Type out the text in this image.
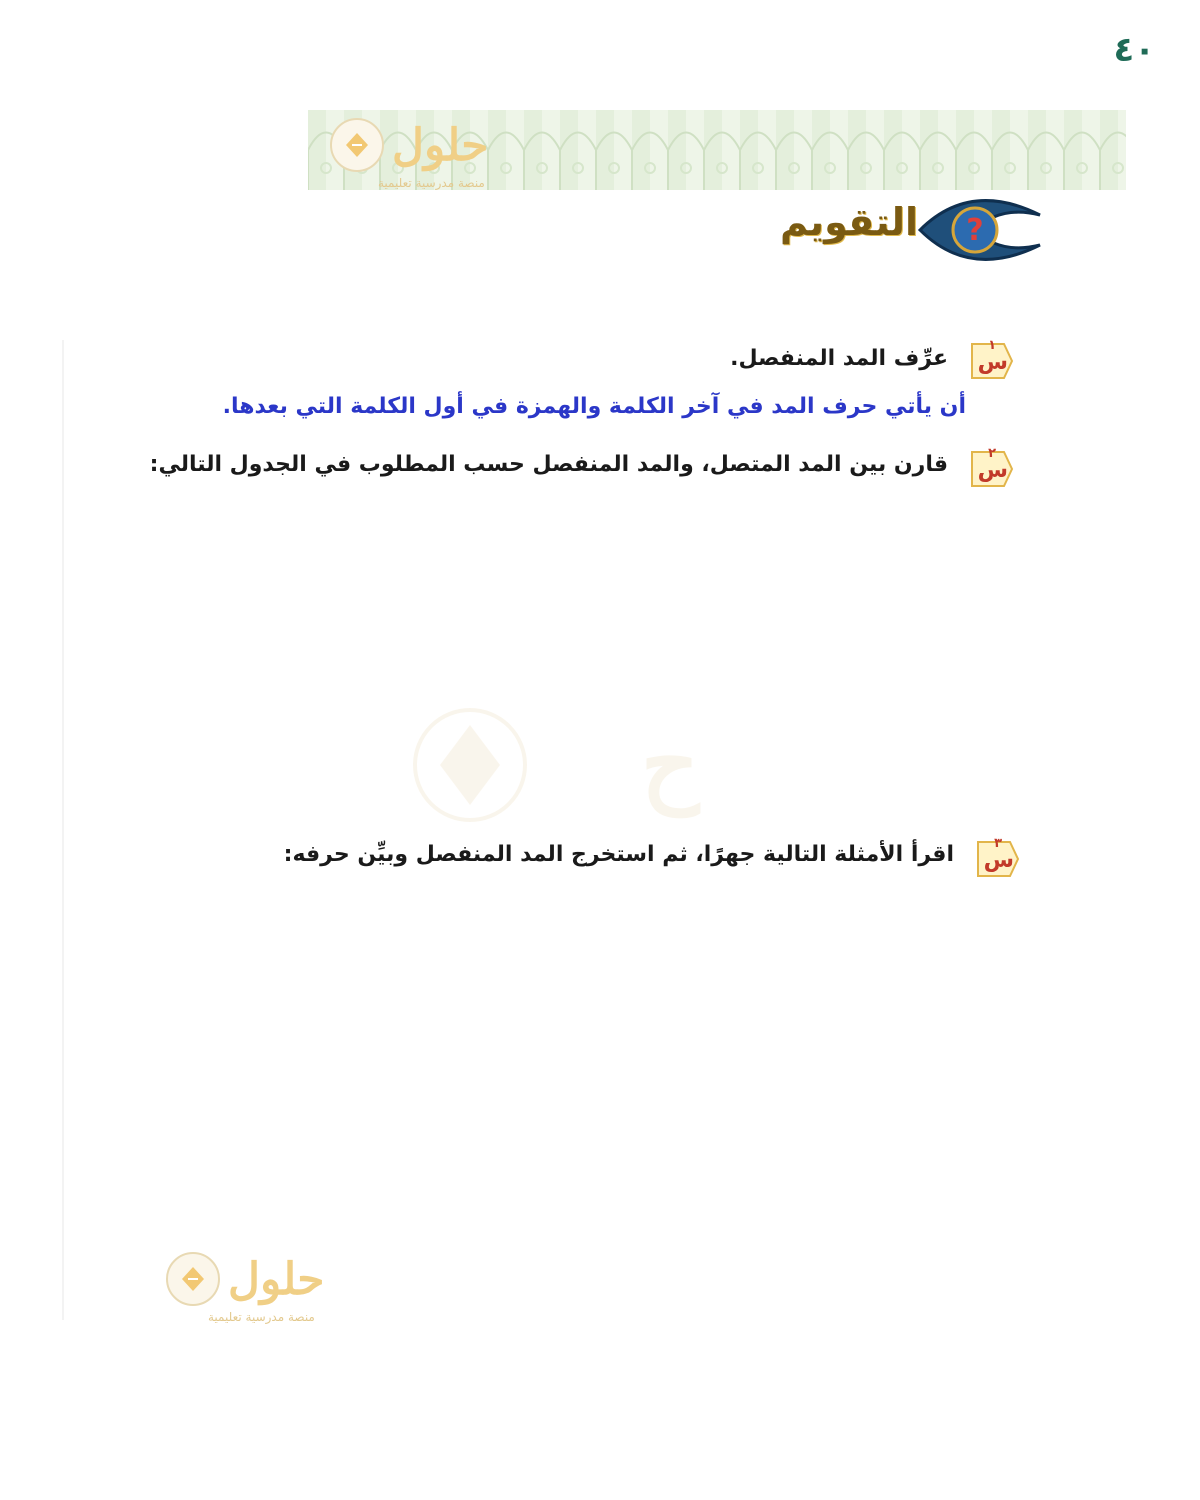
٤٠
حلول
منصة مدرسية تعليمية
?
التقويم
١
س
عرِّف المد المنفصل.
أن يأتي حرف المد في آخر الكلمة والهمزة في أول الكلمة التي بعدها.
٢
س
قارن بين المد المتصل، والمد المنفصل حسب المطلوب في الجدول التالي:
ح
٣
س
اقرأ الأمثلة التالية جهرًا، ثم استخرج المد المنفصل وبيِّن حرفه:
حلول
منصة مدرسية تعليمية
